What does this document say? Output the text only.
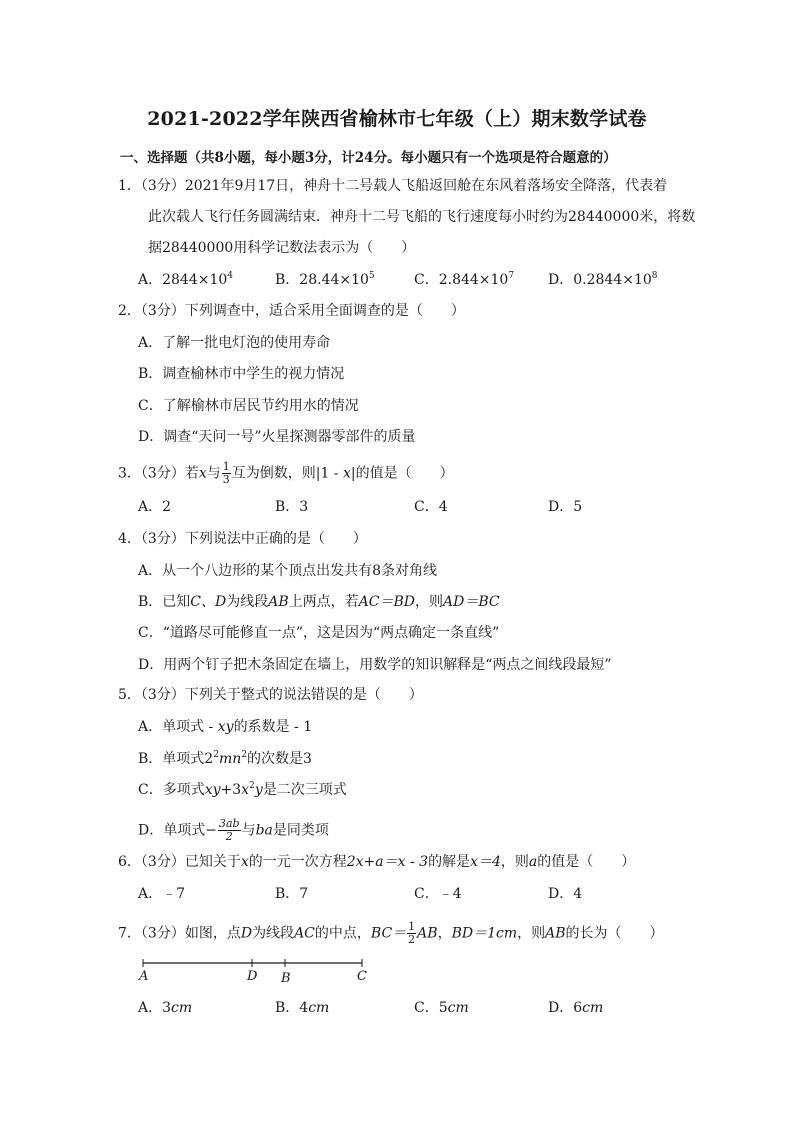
2021-2022学年陕西省榆林市七年级（上）期末数学试卷
一、选择题（共8小题，每小题3分，计24分。每小题只有一个选项是符合题意的）
1．（3分）2021年9月17日，神舟十二号载人飞船返回舱在东风着落场安全降落，代表着
此次载人飞行任务圆满结束．神舟十二号飞船的飞行速度每小时约为28440000米，将数
据28440000用科学记数法表示为（　　）
A．$2844\times 10^4$	B．$28.44\times 10^5$	C．$2.844\times 10^7$ D．$0.2844\times 10^8$
2．（3分）下列调查中，适合采用全面调查的是（　　）
A．了解一批电灯泡的使用寿命
B．调查榆林市中学生的视力情况
C．了解榆林市居民节约用水的情况
D．调查“天问一号”火星探测器零部件的质量
3．（3分）若x与 $\frac{1}{3}$ 互为倒数，则|1 - x|的值是（　　）
A．2	B．3	C．4	D．5
4．（3分）下列说法中正确的是（　　）
A．从一个八边形的某个顶点出发共有8条对角线
B．已知C、D为线段AB上两点，若AC＝BD，则AD＝BC
C．“道路尽可能修直一点”，这是因为“两点确定一条直线”
D．用两个钉子把木条固定在墙上，用数学的知识解释是“两点之间线段最短”
5．（3分）下列关于整式的说法错误的是（　　）
A．单项式 - xy的系数是 - 1
B．单项式$2^2mn^2$的次数是3
C．多项式$xy+3x^2y$是二次三项式
D．单项式− $\frac{3ab}{2}$ 与ba是同类项
6．（3分）已知关于x的一元一次方程2x+a＝x - 3的解是x＝4，则a的值是（　　）
A．﹣7	B．7	C．﹣4	D．4
7．（3分）如图，点D为线段AC的中点，$BC= \frac{1}{2}$ AB，BD＝1cm，则AB的长为（　　）
A	D B	C
A．3cm	B．4cm	C．5cm	D．6cm
